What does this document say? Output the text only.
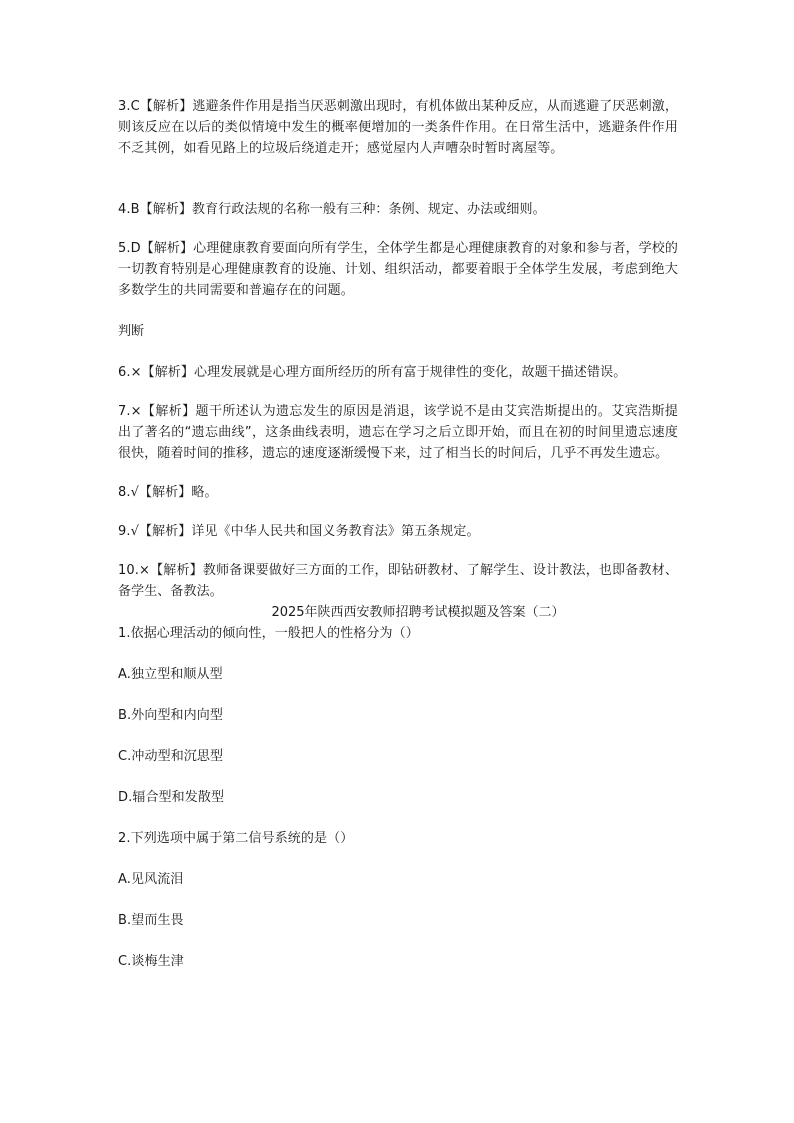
3.C【解析】逃避条件作用是指当厌恶刺激出现时，有机体做出某种反应，从而逃避了厌恶刺激，则该反应在以后的类似情境中发生的概率便增加的一类条件作用。在日常生活中，逃避条件作用不乏其例，如看见路上的垃圾后绕道走开；感觉屋内人声嘈杂时暂时离屋等。

4.B【解析】教育行政法规的名称一般有三种：条例、规定、办法或细则。

5.D【解析】心理健康教育要面向所有学生，全体学生都是心理健康教育的对象和参与者，学校的一切教育特别是心理健康教育的设施、计划、组织活动，都要着眼于全体学生发展，考虑到绝大多数学生的共同需要和普遍存在的问题。

判断

6.×【解析】心理发展就是心理方面所经历的所有富于规律性的变化，故题干描述错误。

7.×【解析】题干所述认为遗忘发生的原因是消退，该学说不是由艾宾浩斯提出的。艾宾浩斯提出了著名的“遗忘曲线”，这条曲线表明，遗忘在学习之后立即开始，而且在初的时间里遗忘速度很快，随着时间的推移，遗忘的速度逐渐缓慢下来，过了相当长的时间后，几乎不再发生遗忘。

8.√【解析】略。

9.√【解析】详见《中华人民共和国义务教育法》第五条规定。

10.×【解析】教师备课要做好三方面的工作，即钻研教材、了解学生、设计教法，也即备教材、备学生、备教法。

2025年陕西西安教师招聘考试模拟题及答案（二）

1.依据心理活动的倾向性，一般把人的性格分为（）

A.独立型和顺从型

B.外向型和内向型

C.冲动型和沉思型

D.辐合型和发散型

2.下列选项中属于第二信号系统的是（）

A.见风流泪

B.望而生畏

C.谈梅生津
